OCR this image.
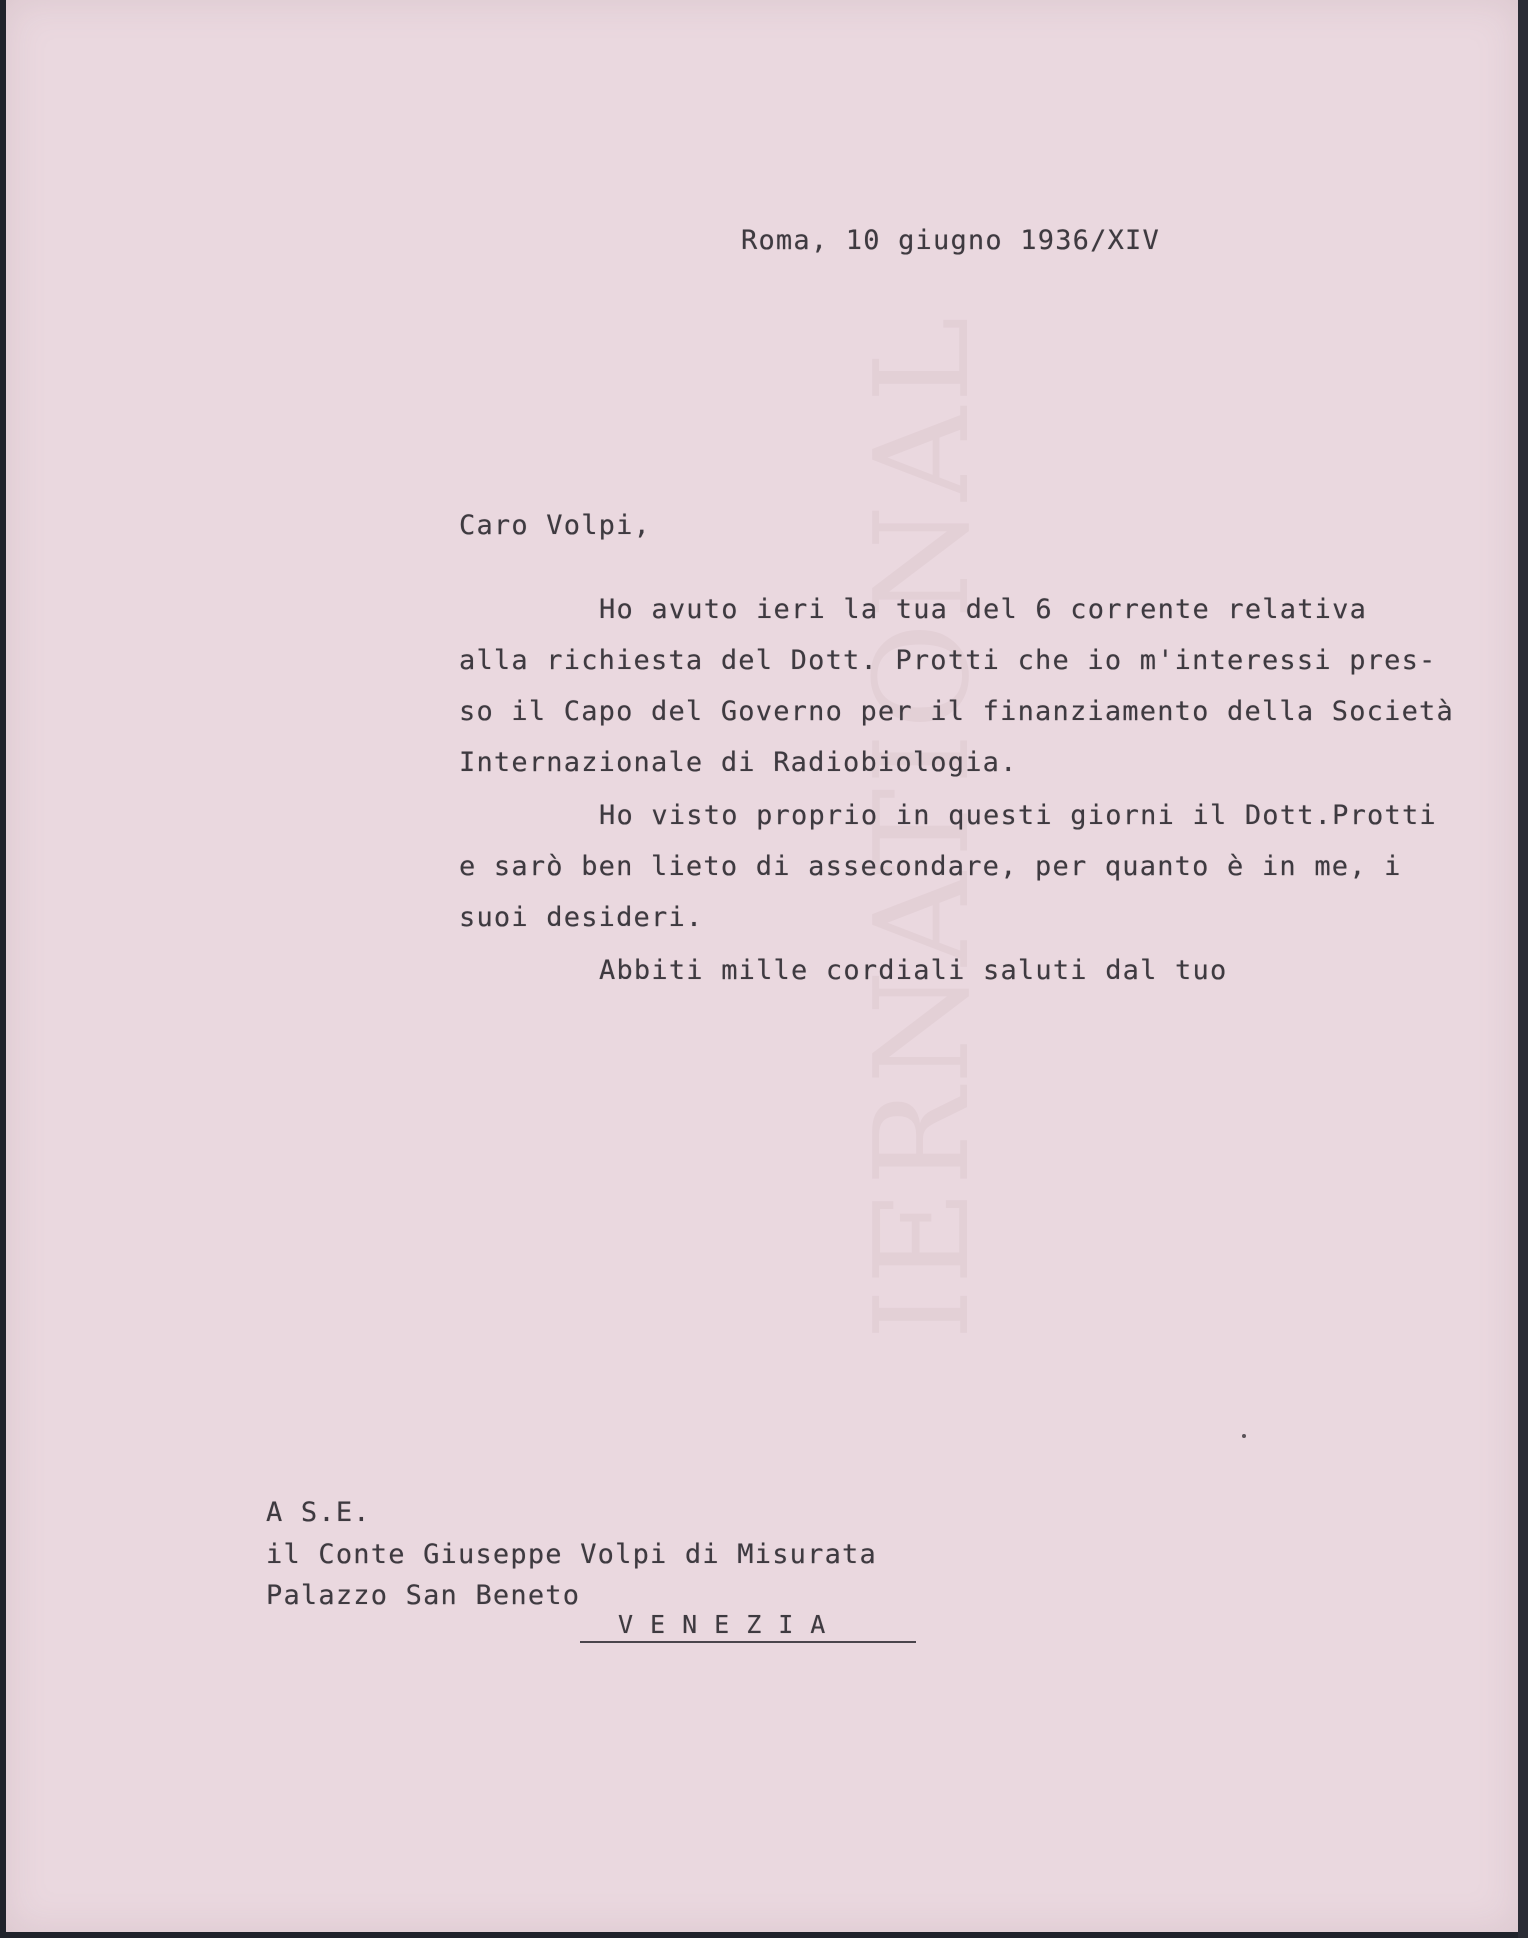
IERNATIONAL
Roma, 10 giugno 1936/XIV
Caro Volpi,
Ho avuto ieri la tua del 6 corrente relativa
alla richiesta del Dott. Protti che io m'interessi pres-
so il Capo del Governo per il finanziamento della Società
Internazionale di Radiobiologia.
Ho visto proprio in questi giorni il Dott.Protti
e sarò ben lieto di assecondare, per quanto è in me, i
suoi desideri.
Abbiti mille cordiali saluti dal tuo
A S.E.
il Conte Giuseppe Volpi di Misurata
Palazzo San Beneto
VENEZIA
